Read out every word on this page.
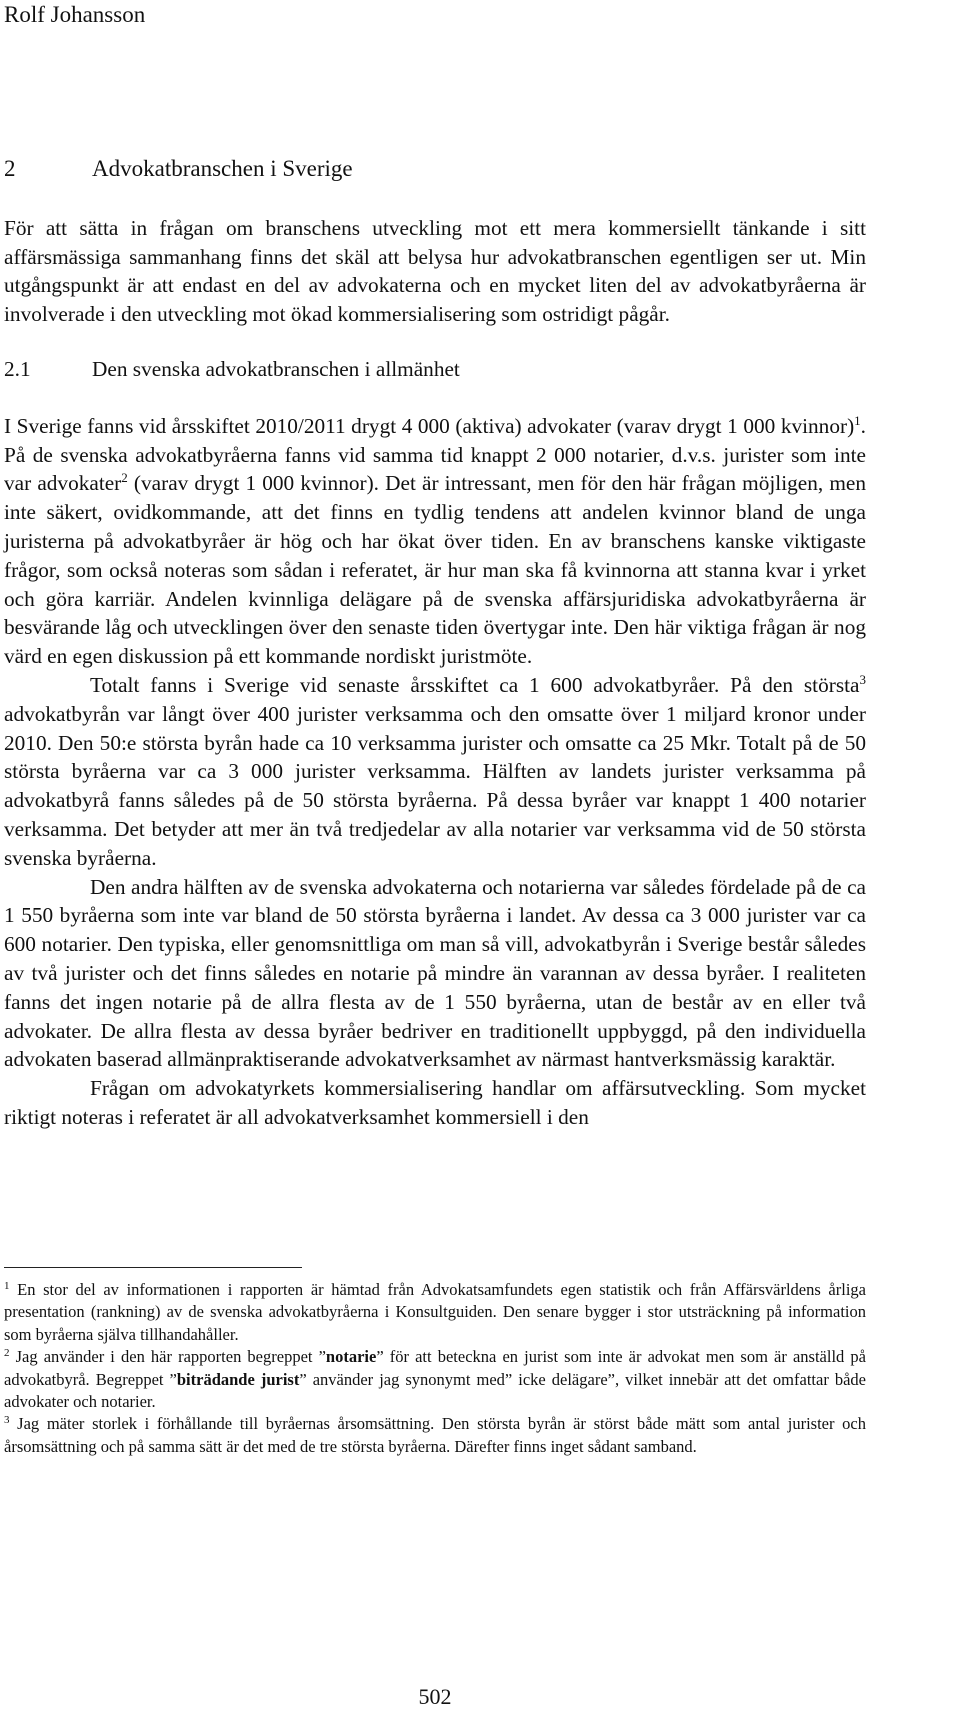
Rolf Johansson
2	Advokatbranschen i Sverige

För att sätta in frågan om branschens utveckling mot ett mera kommersiellt tänkande i sitt affärsmässiga sammanhang finns det skäl att belysa hur advokatbranschen egentligen ser ut. Min utgångspunkt är att endast en del av advokaterna och en mycket liten del av advokatbyråerna är involverade i den utveckling mot ökad kommersialisering som ostridigt pågår.

2.1	Den svenska advokatbranschen i allmänhet

I Sverige fanns vid årsskiftet 2010/2011 drygt 4 000 (aktiva) advokater (varav drygt 1 000 kvinnor)$^1$. På de svenska advokatbyråerna fanns vid samma tid knappt 2 000 notarier, d.v.s. jurister som inte var advokater$^2$ (varav drygt 1 000 kvinnor). Det är intressant, men för den här frågan möjligen, men inte säkert, ovidkommande, att det finns en tydlig tendens att andelen kvinnor bland de unga juristerna på advokatbyråer är hög och har ökat över tiden. En av branschens kanske viktigaste frågor, som också noteras som sådan i referatet, är hur man ska få kvinnorna att stanna kvar i yrket och göra karriär. Andelen kvinnliga delägare på de svenska affärsjuridiska advokatbyråerna är besvärande låg och utvecklingen över den senaste tiden övertygar inte. Den här viktiga frågan är nog värd en egen diskussion på ett kommande nordiskt juristmöte.

Totalt fanns i Sverige vid senaste årsskiftet ca 1 600 advokatbyråer. På den största$^3$ advokatbyrån var långt över 400 jurister verksamma och den omsatte över 1 miljard kronor under 2010. Den 50:e största byrån hade ca 10 verksamma jurister och omsatte ca 25 Mkr. Totalt på de 50 största byråerna var ca 3 000 jurister verksamma. Hälften av landets jurister verksamma på advokatbyrå fanns således på de 50 största byråerna. På dessa byråer var knappt 1 400 notarier verksamma. Det betyder att mer än två tredjedelar av alla notarier var verksamma vid de 50 största svenska byråerna.

Den andra hälften av de svenska advokaterna och notarierna var således fördelade på de ca 1 550 byråerna som inte var bland de 50 största byråerna i landet. Av dessa ca 3 000 jurister var ca 600 notarier. Den typiska, eller genomsnittliga om man så vill, advokatbyrån i Sverige består således av två jurister och det finns således en notarie på mindre än varannan av dessa byråer. I realiteten fanns det ingen notarie på de allra flesta av de 1 550 byråerna, utan de består av en eller två advokater. De allra flesta av dessa byråer bedriver en traditionellt uppbyggd, på den individuella advokaten baserad allmänpraktiserande advokatverksamhet av närmast hantverksmässig karaktär.

Frågan om advokatyrkets kommersialisering handlar om affärsutveckling. Som mycket riktigt noteras i referatet är all advokatverksamhet kommersiell i den

$^1$ En stor del av informationen i rapporten är hämtad från Advokatsamfundets egen statistik och från Affärsvärldens årliga presentation (rankning) av de svenska advokatbyråerna i Konsultguiden. Den senare bygger i stor utsträckning på information som byråerna själva tillhandahåller.

$^2$ Jag använder i den här rapporten begreppet ”notarie” för att beteckna en jurist som inte är advokat men som är anställd på advokatbyrå. Begreppet ”biträdande jurist” använder jag synonymt med” icke delägare”, vilket innebär att det omfattar både advokater och notarier.

$^3$ Jag mäter storlek i förhållande till byråernas årsomsättning. Den största byrån är störst både mätt som antal jurister och årsomsättning och på samma sätt är det med de tre största byråerna. Därefter finns inget sådant samband.

502
